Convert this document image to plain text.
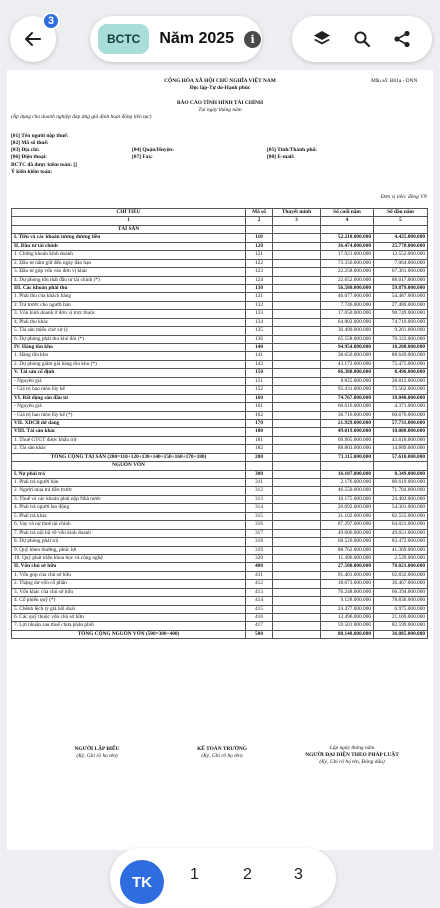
3
BCTC	Năm 2025	i
CỘNG HÒA XÃ HỘI CHỦ NGHĨA VIỆT NAM
Độc lập-Tự do-Hạnh phúc
Mẫu số: B01a - DNN
BÁO CÁO TÌNH HÌNH TÀI CHÍNH
Tại ngày tháng năm
(Áp dụng cho doanh nghiệp đáp ứng giả định hoạt động liên tục)
[01] Tên người nộp thuế:
[02] Mã số thuế:
[03] Địa chỉ:	[04] Quận/Huyện:	[05] Tỉnh/Thành phố:
[06] Điện thoại:	[07] Fax:	[08] E-mail:
BCTC đã được kiểm toán: []
Ý kiến kiểm toán:
Đơn vị tiền: đồng VN
CHỈ TIÊU	Mã số	Thuyết minh	Số cuối năm	Số đầu năm
1	2	3	4	5
TÀI SẢN				
I. Tiền và các khoản tương đương tiền	110		52.218.000.000	4.425.000.000
II. Đầu tư tài chính	120		36.474.000.000	25.770.000.000
1. Chứng khoán kinh doanh	121		17.921.000.000	12.552.000.000
2. Đầu tư nắm giữ đến ngày đáo hạn	122		73.356.000.000	7.064.000.000
3. Đầu tư góp vốn vào đơn vị khác	123		22.258.000.000	67.361.000.000
4. Dự phòng tổn thất đầu tư tài chính (*)	124		22.652.000.000	88.017.000.000
III. Các khoản phải thu	130		56.580.000.000	59.879.000.000
1. Phải thu của khách hàng	131		46.077.000.000	54.487.000.000
2. Trả trước cho người bán	132		7.746.000.000	27.480.000.000
3. Vốn kinh doanh ở đơn vị trực thuộc	133		17.050.000.000	90.749.000.000
4. Phải thu khác	134		64.802.000.000	74.710.000.000
5. Tài sản thiếu chờ xử lý	135		30.490.000.000	9.261.000.000
6. Dự phòng phải thu khó đòi (*)	136		65.558.000.000	70.333.000.000
IV. Hàng tồn kho	140		94.954.000.000	18.200.000.000
1. Hàng tồn kho	141		38.650.000.000	88.649.000.000
2. Dự phòng giảm giá hàng tồn kho (*)	142		43.172.000.000	75.475.000.000
V. Tài sản cố định	150		86.380.000.000	8.496.000.000
- Nguyên giá	151		8.825.000.000	28.812.000.000
- Giá trị hao mòn lũy kế	152		95.431.000.000	73.562.000.000
VI. Bất động sản đầu tư	160		74.767.000.000	18.040.000.000
- Nguyên giá	161		66.616.000.000	4.371.000.000
- Giá trị hao mòn lũy kế (*)	162		36.716.000.000	60.670.000.000
VII. XDCB dở dang	170		21.929.000.000	57.731.000.000
VIII. Tài sản khác	180		49.019.000.000	10.000.000.000
1. Thuế GTGT được khấu trừ	181		69.905.000.000	43.618.000.000
2. Tài sản khác	182		88.803.000.000	14.689.000.000
TỔNG CỘNG TÀI SẢN (200=110+120+130+140+150+160+170+180)	200		71.115.000.000	57.610.000.000
NGUỒN VỐN				
I. Nợ phải trả	300		16.107.000.000	8.349.000.000
1. Phải trả người bán	311		2.176.000.000	80.619.000.000
2. Người mua trả tiền trước	312		46.550.000.000	71.784.000.000
3. Thuế và các khoản phải nộp Nhà nước	313		10.175.000.000	24.482.000.000
4. Phải trả người lao động	314		20.092.000.000	54.301.000.000
5. Phải trả khác	315		31.102.000.000	82.555.000.000
6. Vay và nợ thuê tài chính	316		87.297.000.000	64.021.000.000
7. Phải trả nội bộ về vốn kinh doanh	317		49.606.000.000	49.651.000.000
8. Dự phòng phải trả	318		68.520.000.000	83.472.000.000
9. Quỹ khen thưởng, phúc lợi	319		88.762.000.000	41.369.000.000
10. Quỹ phát triển khoa học và công nghệ	320		11.496.000.000	2.539.000.000
II. Vốn chủ sở hữu	400		27.500.000.000	70.021.000.000
1. Vốn góp của chủ sở hữu	411		91.401.000.000	62.832.000.000
2. Thặng dư vốn cổ phần	412		18.673.000.000	30.467.000.000
3. Vốn khác của chủ sở hữu	413		76.248.000.000	66.394.000.000
4. Cổ phiếu quỹ (*)	414		9.128.000.000	78.830.000.000
5. Chênh lệch tỷ giá hối đoái	415		24.477.000.000	6.975.000.000
6. Các quỹ thuộc vốn chủ sở hữu	416		13.496.000.000	21.169.000.000
7. Lợi nhuận sau thuế chưa phân phối	417		59.501.000.000	82.599.000.000
TỔNG CỘNG NGUỒN VỐN (500=300+400)	500		88.148.000.000	36.085.000.000
NGƯỜI LẬP BIỂU
(Ký, Ghi rõ họ tên)
KẾ TOÁN TRƯỞNG
(Ký, Ghi rõ họ tên)
Lập ngày tháng năm
NGƯỜI ĐẠI DIỆN THEO PHÁP LUẬT
(Ký, Ghi rõ họ tên, Đóng dấu)
TK	1	2	3
